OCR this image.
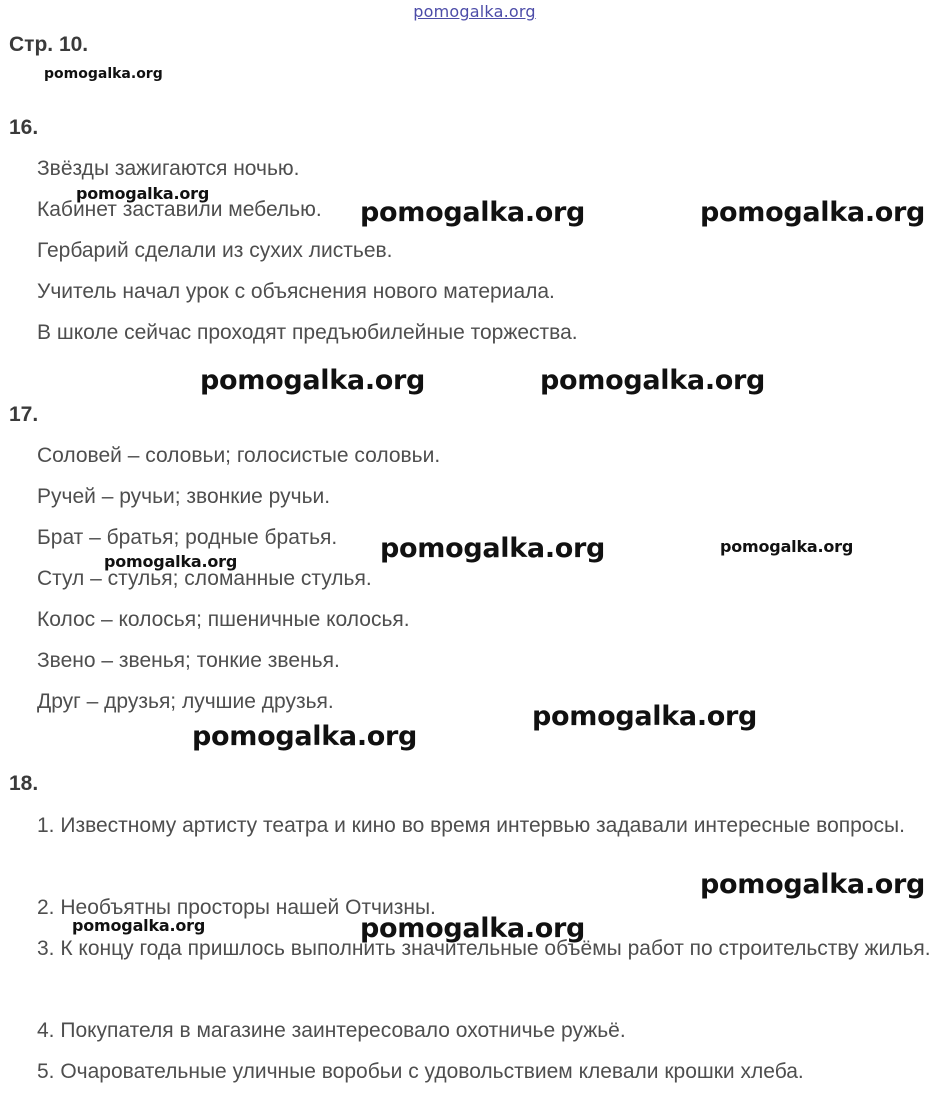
pomogalka.org
Стр. 10.
pomogalka.org
16.
Звёзды зажигаются ночью.
Кабинет заставили мебелью.
Гербарий сделали из сухих листьев.
Учитель начал урок с объяснения нового материала.
В школе сейчас проходят предъюбилейные торжества.
17.
Соловей – соловьи; голосистые соловьи.
Ручей – ручьи; звонкие ручьи.
Брат – братья; родные братья.
Стул – стулья; сломанные стулья.
Колос – колосья; пшеничные колосья.
Звено – звенья; тонкие звенья.
Друг – друзья; лучшие друзья.
18.
1. Известному артисту театра и кино во время интервью задавали интересные вопросы.
2. Необъятны просторы нашей Отчизны.
3. К концу года пришлось выполнить значительные объёмы работ по строительству жилья.
4. Покупателя в магазине заинтересовало охотничье ружьё.
5. Очаровательные уличные воробьи с удовольствием клевали крошки хлеба.
pomogalka.org
pomogalka.org	pomogalka.org
pomogalka.org	pomogalka.org
pomogalka.org	pomogalka.org
pomogalka.org
pomogalka.org
pomogalka.org
pomogalka.org
pomogalka.org
pomogalka.org
